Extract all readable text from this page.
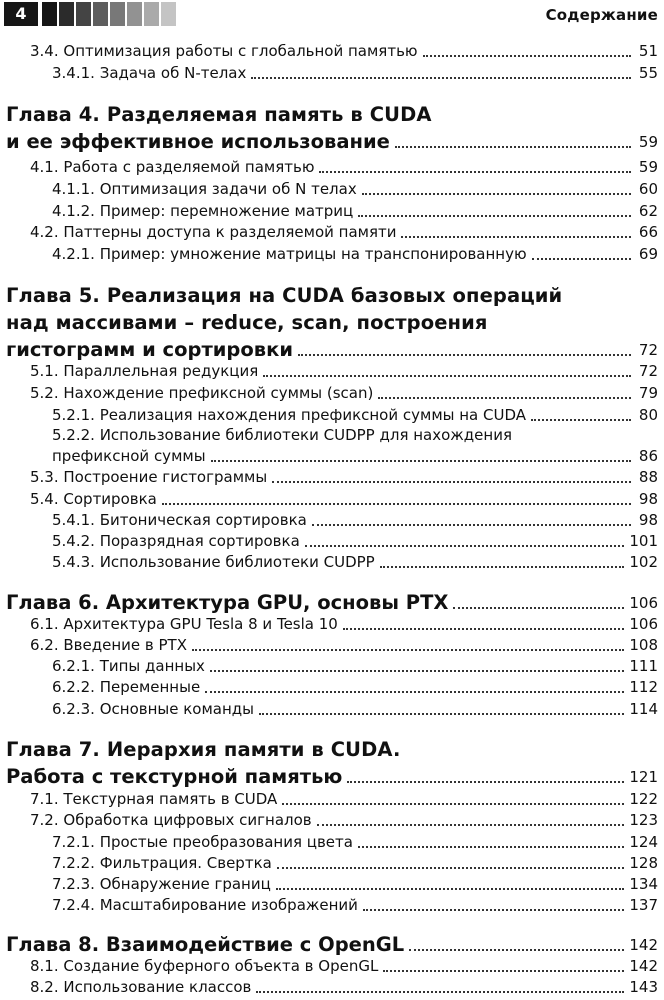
4	Содержание
3.4. Оптимизация работы с глобальной памятью	51
3.4.1. Задача об N-телах	55
Глава 4. Разделяемая память в CUDA
и ее эффективное использование	59
4.1. Работа с разделяемой памятью	59
4.1.1. Оптимизация задачи об N телах	60
4.1.2. Пример: перемножение матриц	62
4.2. Паттерны доступа к разделяемой памяти	66
4.2.1. Пример: умножение матрицы на транспонированную	69
Глава 5. Реализация на CUDA базовых операций
над массивами – reduce, scan, построения
гистограмм и сортировки	72
5.1. Параллельная редукция	72
5.2. Нахождение префиксной суммы (scan)	79
5.2.1. Реализация нахождения префиксной суммы на CUDA	80
5.2.2. Использование библиотеки CUDPP для нахождения
префиксной суммы	86
5.3. Построение гистограммы	88
5.4. Сортировка	98
5.4.1. Битоническая сортировка	98
5.4.2. Поразрядная сортировка	101
5.4.3. Использование библиотеки CUDPP	102
Глава 6. Архитектура GPU, основы PTX	106
6.1. Архитектура GPU Tesla 8 и Tesla 10	106
6.2. Введение в PTX	108
6.2.1. Типы данных	111
6.2.2. Переменные	112
6.2.3. Основные команды	114
Глава 7. Иерархия памяти в CUDA.
Работа с текстурной памятью	121
7.1. Текстурная память в CUDA	122
7.2. Обработка цифровых сигналов	123
7.2.1. Простые преобразования цвета	124
7.2.2. Фильтрация. Свертка	128
7.2.3. Обнаружение границ	134
7.2.4. Масштабирование изображений	137
Глава 8. Взаимодействие с OpenGL	142
8.1. Создание буферного объекта в OpenGL	142
8.2. Использование классов	143
